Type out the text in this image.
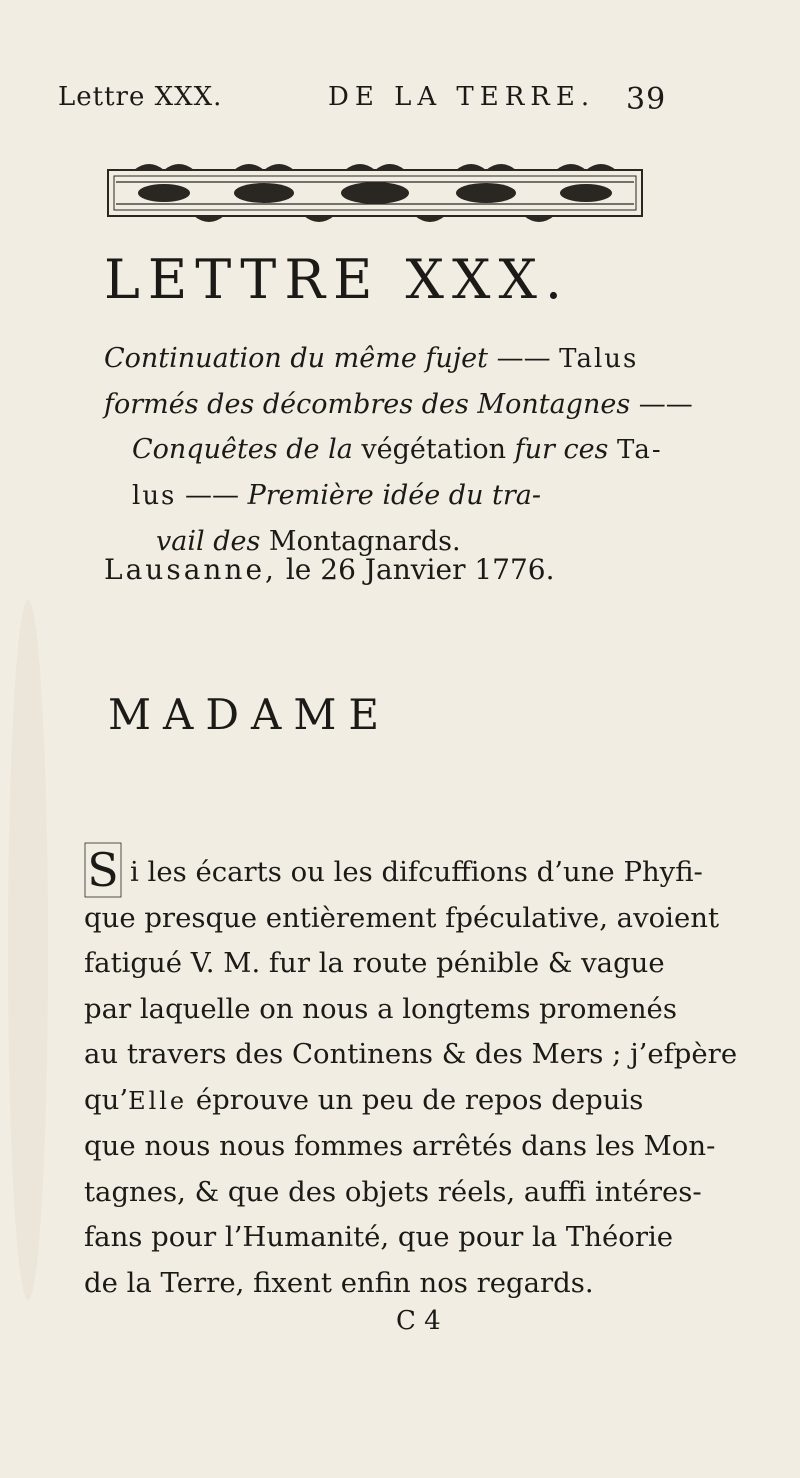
Lettre XXX.	DE LA TERRE. 39
LETTRE XXX.

Continuation du même fujet —— Talus
formés des décombres des Montagnes ——
Conquêtes de la végétation fur ces Ta-
lus —— Première idée du tra-
vail des Montagnards.

Lausanne, le 26 Janvier 1776.

MADAME

S i les écarts ou les difcuffions d’une Phyfi-
que presque entièrement fpéculative, avoient
fatigué V. M. fur la route pénible & vague
par laquelle on nous a longtems promenés
au travers des Continens & des Mers ; j’efpère
qu’Elle éprouve un peu de repos depuis
que nous nous fommes arrêtés dans les Mon-
tagnes, & que des objets réels, auffi intéres-
fans pour l’Humanité, que pour la Théorie
de la Terre, fixent enfin nos regards.

C 4
